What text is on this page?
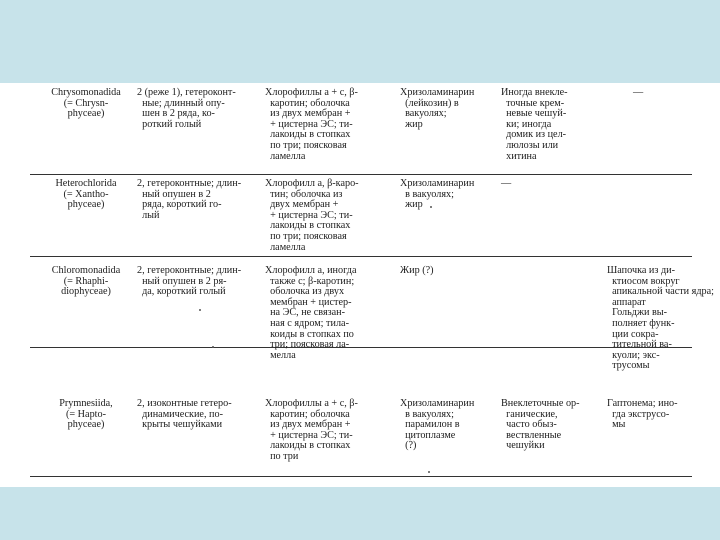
Chrysomonadida
(= Chrysn-
phyceae)
2 (реже 1), гетероконт-
ные; длинный опу-
шен в 2 ряда, ко-
роткий голый
Хлорофиллы a + c, β-
каротин; оболочка
из двух мембран +
+ цистерна ЭС; ти-
лакоиды в стопках
по три; поясковая
ламелла
Хризоламинарин
(лейкозин) в
вакуолях;
жир
Иногда внекле-
точные крем-
невые чешуй-
ки; иногда
домик из цел-
люлозы или
хитина
—
Heterochlorida
(= Xantho-
phyceae)
2, гетероконтные; длин-
ный опушен в 2
ряда, короткий го-
лый
Хлорофилл a, β-каро-
тин; оболочка из
двух мембран +
+ цистерна ЭС; ти-
лакоиды в стопках
по три; поясковая
ламелла
Хризоламинарин
в вакуолях;
жир
—
Chloromonadida
(= Rhaphi-
diophyceae)
2, гетероконтные; длин-
ный опушен в 2 ря-
да, короткий голый
Хлорофилл a, иногда
также c; β-каротин;
оболочка из двух
мембран + цистер-
на ЭС, не связан-
ная с ядром; тила-
коиды в стопках по
три; поясковая ла-
мелла
Жир (?)	Шапочка из ди-
ктиосом вокруг
апикальной части ядра;
аппарат
Гольджи вы-
полняет функ-
ции сокра-
тительной ва-
куоли; экс-
трусомы
Prymnesiida,
(= Hapto-
phyceae)
2, изоконтные гетеро-
динамические, по-
крыты чешуйками
Хлорофиллы a + c, β-
каротин; оболочка
из двух мембран +
+ цистерна ЭС; ти-
лакоиды в стопках
по три
Хризоламинарин
в вакуолях;
парамилон в
цитоплазме
(?)
Внеклеточные ор-
ганические,
часто обыз-
вествленные
чешуйки
Гаптонема; ино-
гда экструсо-
мы
